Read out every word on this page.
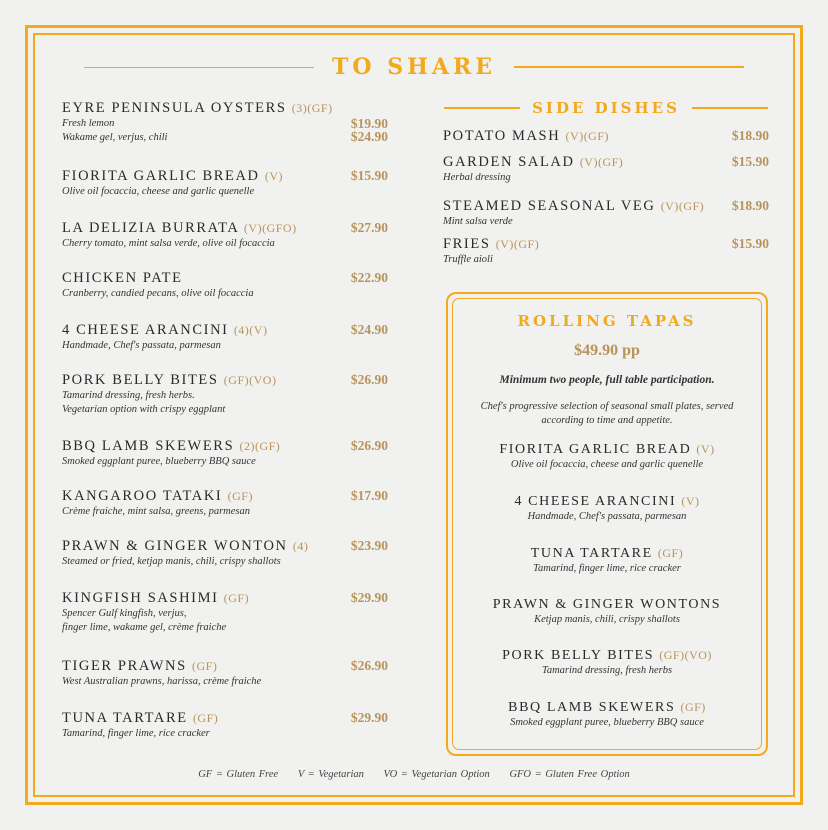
TO SHARE
EYRE PENINSULA OYSTERS (3)(GF)
Fresh lemon
Wakame gel, verjus, chili
$19.90
$24.90
FIORITA GARLIC BREAD (V)
Olive oil focaccia, cheese and garlic quenelle
$15.90
LA DELIZIA BURRATA (V)(GFO)
Cherry tomato, mint salsa verde, olive oil focaccia
$27.90
CHICKEN PATE
Cranberry, candied pecans, olive oil focaccia
$22.90
4 CHEESE ARANCINI (4)(V)
Handmade, Chef's passata, parmesan
$24.90
PORK BELLY BITES (GF)(VO)
Tamarind dressing, fresh herbs.
Vegetarian option with crispy eggplant
$26.90
BBQ LAMB SKEWERS (2)(GF)
Smoked eggplant puree, blueberry BBQ sauce
$26.90
KANGAROO TATAKI (GF)
Crème fraiche, mint salsa, greens, parmesan
$17.90
PRAWN & GINGER WONTON (4)
Steamed or fried, ketjap manis, chili, crispy shallots
$23.90
KINGFISH SASHIMI (GF)
Spencer Gulf kingfish, verjus,
finger lime, wakame gel, crème fraiche
$29.90
TIGER PRAWNS (GF)
West Australian prawns, harissa, crème fraiche
$26.90
TUNA TARTARE (GF)
Tamarind, finger lime, rice cracker
$29.90
SIDE DISHES
POTATO MASH (V)(GF)	$18.90
GARDEN SALAD (V)(GF)
Herbal dressing
$15.90
STEAMED SEASONAL VEG (V)(GF)
Mint salsa verde
$18.90
FRIES (V)(GF)
Truffle aioli
$15.90
ROLLING TAPAS
$49.90 pp
Minimum two people, full table participation.
Chef's progressive selection of seasonal small plates, served according to time and appetite.
FIORITA GARLIC BREAD (V)
Olive oil focaccia, cheese and garlic quenelle
4 CHEESE ARANCINI (V)
Handmade, Chef's passata, parmesan
TUNA TARTARE (GF)
Tamarind, finger lime, rice cracker
PRAWN & GINGER WONTONS
Ketjap manis, chili, crispy shallots
PORK BELLY BITES (GF)(VO)
Tamarind dressing, fresh herbs
BBQ LAMB SKEWERS (GF)
Smoked eggplant puree, blueberry BBQ sauce
GF = Gluten Free V = Vegetarian VO = Vegetarian Option GFO = Gluten Free Option
